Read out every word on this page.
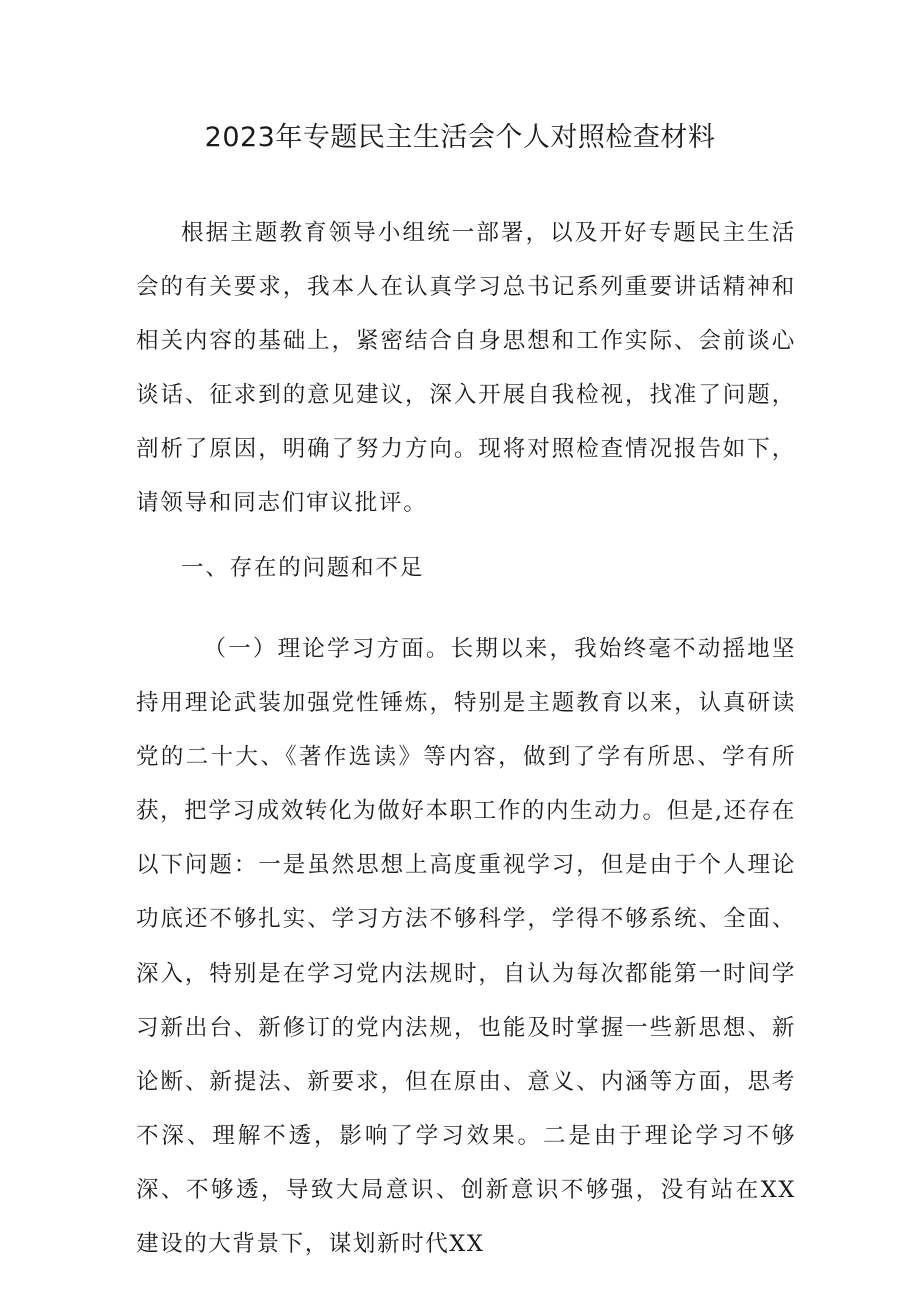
2023年专题民主生活会个人对照检查材料

根据主题教育领导小组统一部署，以及开好专题民主生活会的有关要求，我本人在认真学习总书记系列重要讲话精神和相关内容的基础上，紧密结合自身思想和工作实际、会前谈心谈话、征求到的意见建议，深入开展自我检视，找准了问题，剖析了原因，明确了努力方向。现将对照检查情况报告如下，请领导和同志们审议批评。

一、存在的问题和不足

（一）理论学习方面。长期以来，我始终毫不动摇地坚持用理论武装加强党性锤炼，特别是主题教育以来，认真研读党的二十大、《著作选读》等内容，做到了学有所思、学有所获，把学习成效转化为做好本职工作的内生动力。但是,还存在以下问题：一是虽然思想上高度重视学习，但是由于个人理论功底还不够扎实、学习方法不够科学，学得不够系统、全面、深入，特别是在学习党内法规时，自认为每次都能第一时间学习新出台、新修订的党内法规，也能及时掌握一些新思想、新论断、新提法、新要求，但在原由、意义、内涵等方面，思考不深、理解不透，影响了学习效果。二是由于理论学习不够深、不够透，导致大局意识、创新意识不够强，没有站在XX建设的大背景下，谋划新时代XX
